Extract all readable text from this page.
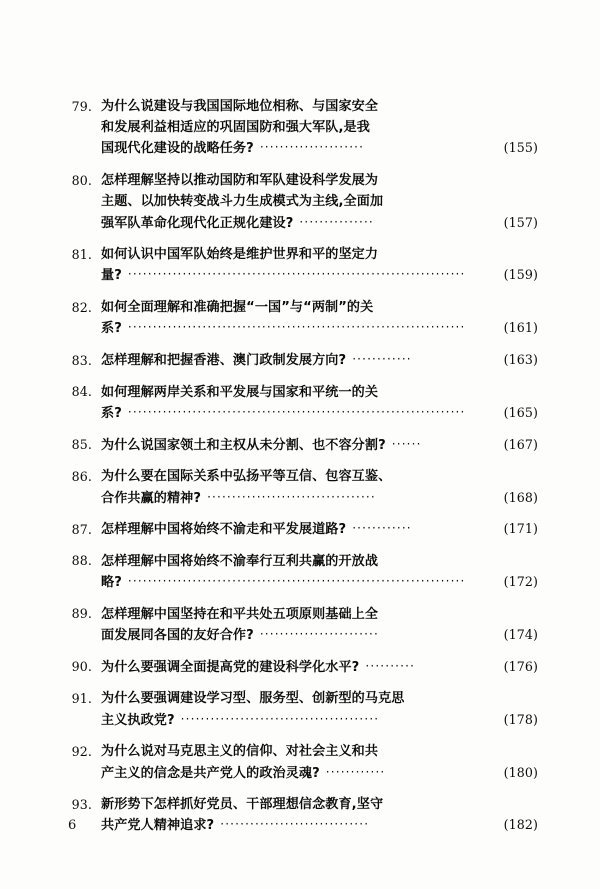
79 .	为什么说建设与我国国际地位相称、与国家安全
和发展利益相适应的巩固国防和强大军队,是我
国现代化建设的战略任务? ·····················	(155)
80 .	怎样理解坚持以推动国防和军队建设科学发展为
主题、以加快转变战斗力生成模式为主线,全面加
强军队革命化现代化正规化建设? ···············	(157)
81 .	如何认识中国军队始终是维护世界和平的坚定力
量? ····································································	(159)
82 .	如何全面理解和准确把握“一国”与“两制”的关
系? ····································································	(161)
83 .	怎样理解和把握香港、澳门政制发展方向? ············	(163)
84 .	如何理解两岸关系和平发展与国家和平统一的关
系? ····································································	(165)
85 .	为什么说国家领土和主权从未分割、也不容分割? ······	(167)
86 .	为什么要在国际关系中弘扬平等互信、包容互鉴、
合作共赢的精神? ··································	(168)
87 .	怎样理解中国将始终不渝走和平发展道路? ············	(171)
88 .	怎样理解中国将始终不渝奉行互利共赢的开放战
略? ····································································	(172)
89 .	怎样理解中国坚持在和平共处五项原则基础上全
面发展同各国的友好合作? ························	(174)
90 .	为什么要强调全面提高党的建设科学化水平? ··········	(176)
91 .	为什么要强调建设学习型、服务型、创新型的马克思
主义执政党? ········································	(178)
92 .	为什么说对马克思主义的信仰、对社会主义和共
产主义的信念是共产党人的政治灵魂? ············	(180)
93 .	新形势下怎样抓好党员、干部理想信念教育,坚守
共产党人精神追求? ······························	(182)
6
